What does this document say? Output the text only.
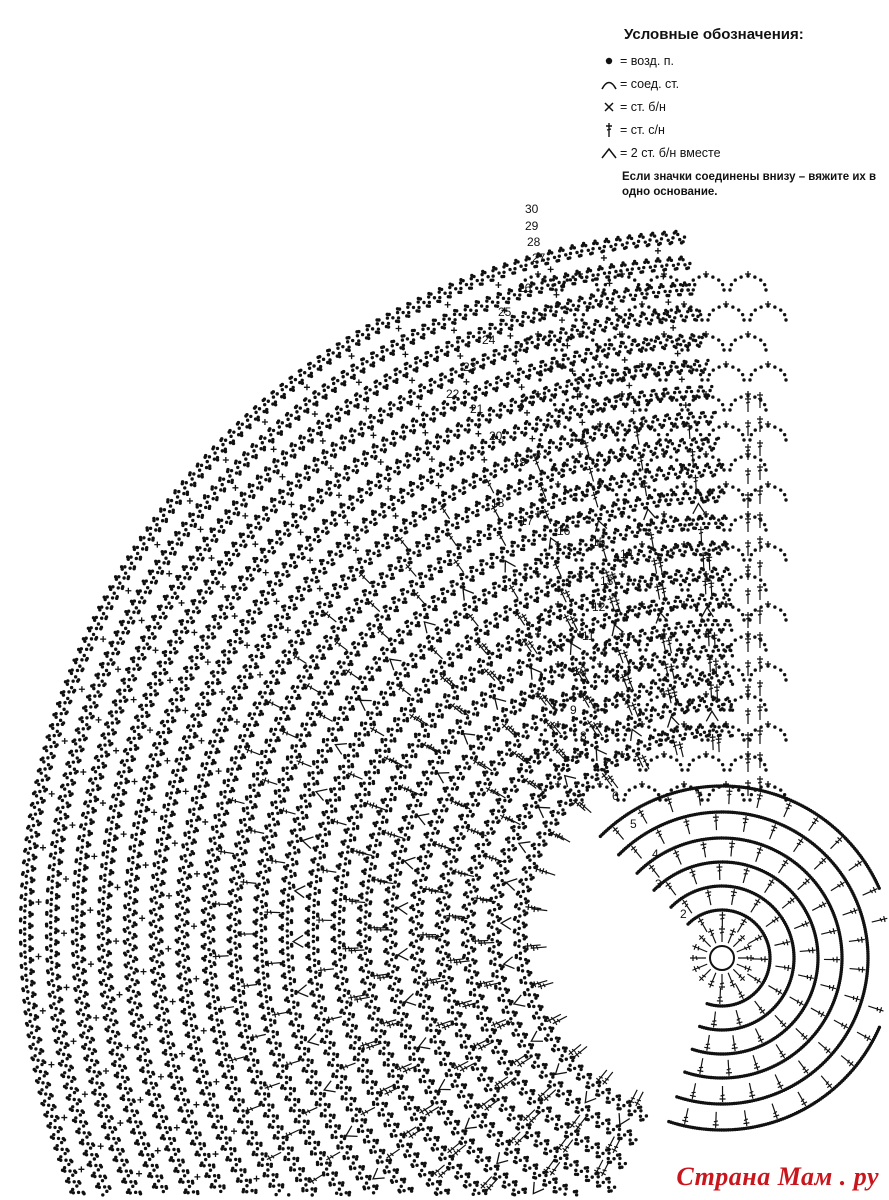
2
3
4
5
6
7
8
9
10
11
12
13
14
15
16
17
18
19
20
21
22
23
24
25
26
27
28
29
30
Условные обозначения:
= возд. п.
= соед. ст.
= ст. б/н
= ст. с/н
= 2 ст. б/н вместе
Если значки соединены внизу – вяжите их в одно основание.
Страна Мам . ру
